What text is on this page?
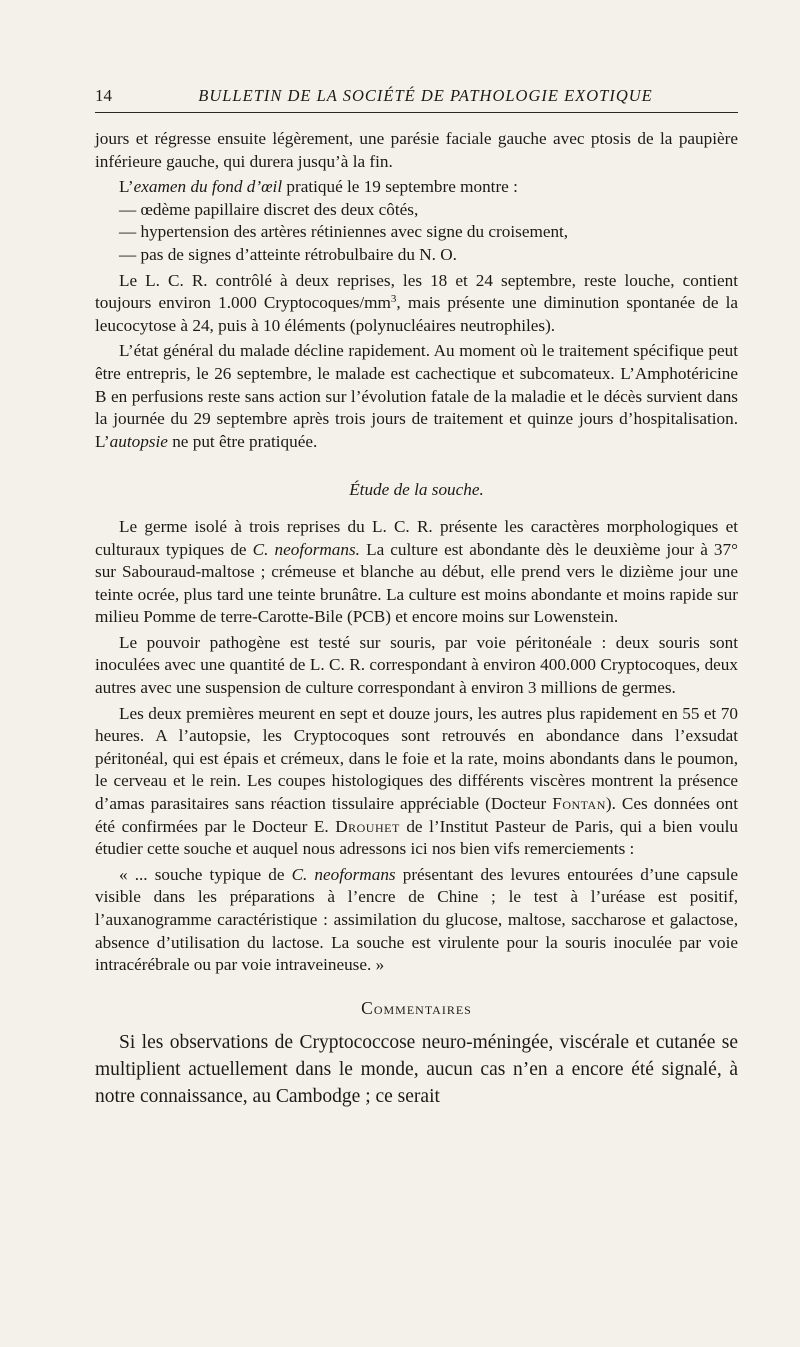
14	BULLETIN DE LA SOCIÉTÉ DE PATHOLOGIE EXOTIQUE

jours et régresse ensuite légèrement, une parésie faciale gauche avec ptosis de la paupière inférieure gauche, qui durera jusqu’à la fin.

L’examen du fond d’œil pratiqué le 19 septembre montre :

— œdème papillaire discret des deux côtés,

— hypertension des artères rétiniennes avec signe du croisement,

— pas de signes d’atteinte rétrobulbaire du N. O.

Le L. C. R. contrôlé à deux reprises, les 18 et 24 septembre, reste louche, contient toujours environ 1.000 Cryptocoques/$mm^3$, mais présente une diminution spontanée de la leucocytose à 24, puis à 10 éléments (polynucléaires neutrophiles).

L’état général du malade décline rapidement. Au moment où le traitement spécifique peut être entrepris, le 26 septembre, le malade est cachectique et subcomateux. L’Amphotéricine B en perfusions reste sans action sur l’évolution fatale de la maladie et le décès survient dans la journée du 29 septembre après trois jours de traitement et quinze jours d’hospitalisation. L’autopsie ne put être pratiquée.

Étude de la souche.

Le germe isolé à trois reprises du L. C. R. présente les caractères morphologiques et culturaux typiques de C. neoformans. La culture est abondante dès le deuxième jour à 37° sur Sabouraud-maltose ; crémeuse et blanche au début, elle prend vers le dizième jour une teinte ocrée, plus tard une teinte brunâtre. La culture est moins abondante et moins rapide sur milieu Pomme de terre-Carotte-Bile (PCB) et encore moins sur Lowenstein.

Le pouvoir pathogène est testé sur souris, par voie péritonéale : deux souris sont inoculées avec une quantité de L. C. R. correspondant à environ 400.000 Cryptocoques, deux autres avec une suspension de culture correspondant à environ 3 millions de germes.

Les deux premières meurent en sept et douze jours, les autres plus rapidement en 55 et 70 heures. A l’autopsie, les Cryptocoques sont retrouvés en abondance dans l’exsudat péritonéal, qui est épais et crémeux, dans le foie et la rate, moins abondants dans le poumon, le cerveau et le rein. Les coupes histologiques des différents viscères montrent la présence d’amas parasitaires sans réaction tissulaire appréciable (Docteur Fontan). Ces données ont été confirmées par le Docteur E. Drouhet de l’Institut Pasteur de Paris, qui a bien voulu étudier cette souche et auquel nous adressons ici nos bien vifs remerciements :

« ... souche typique de C. neoformans présentant des levures entourées d’une capsule visible dans les préparations à l’encre de Chine ; le test à l’uréase est positif, l’auxanogramme caractéristique : assimilation du glucose, maltose, saccharose et galactose, absence d’utilisation du lactose. La souche est virulente pour la souris inoculée par voie intracérébrale ou par voie intraveineuse. »

Commentaires

Si les observations de Cryptococcose neuro-méningée, viscérale et cutanée se multiplient actuellement dans le monde, aucun cas n’en a encore été signalé, à notre connaissance, au Cambodge ; ce serait
